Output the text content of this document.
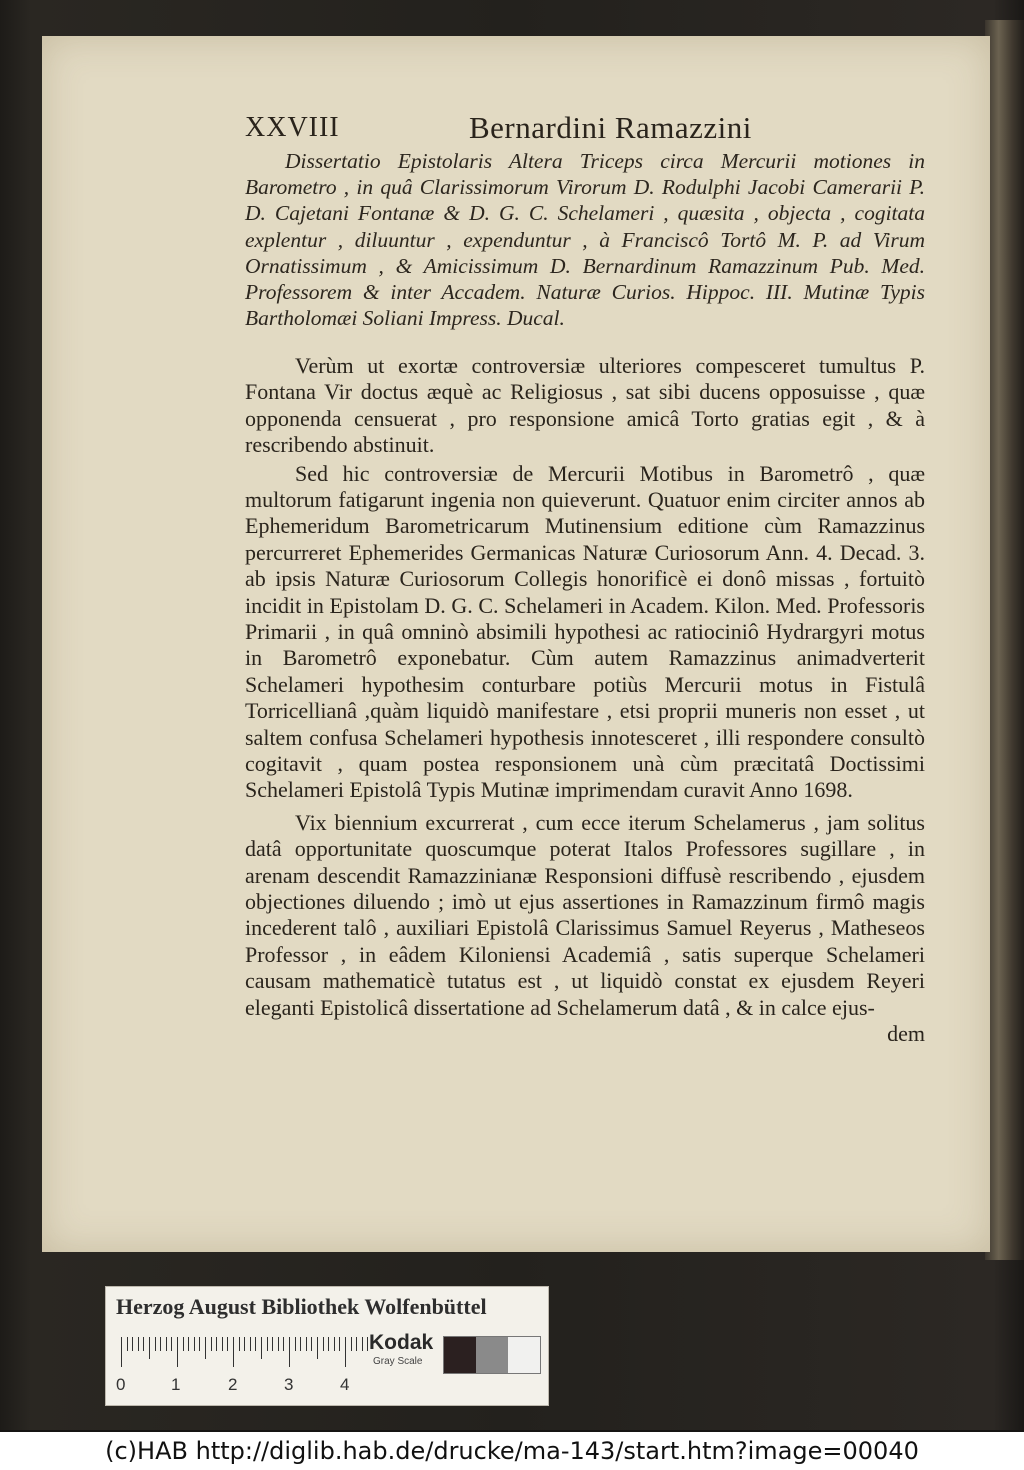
XXVIII	Bernardini Ramazzini

Dissertatio Epistolaris Altera Triceps circa Mercurii motiones in Barometro , in quâ Clarissimorum Virorum D. Rodulphi Jacobi Camerarii P. D. Cajetani Fontanæ & D. G. C. Schelameri , quæsita , objecta , cogitata explentur , diluuntur , expenduntur , à Franciscô Tortô M. P. ad Virum Ornatissimum , & Amicissimum D. Bernardinum Ramazzinum Pub. Med. Professorem & inter Accadem. Naturæ Curios. Hippoc. III. Mutinæ Typis Bartholomæi Soliani Impress. Ducal.

Verùm ut exortæ controversiæ ulteriores compesceret tumultus P. Fontana Vir doctus æquè ac Religiosus , sat sibi ducens opposuisse , quæ opponenda censuerat , pro responsione amicâ Torto gratias egit , & à rescribendo abstinuit.

Sed hic controversiæ de Mercurii Motibus in Barometrô , quæ multorum fatigarunt ingenia non quieverunt. Quatuor enim circiter annos ab Ephemeridum Barometricarum Mutinensium editione cùm Ramazzinus percurreret Ephemerides Germanicas Naturæ Curiosorum Ann. 4. Decad. 3. ab ipsis Naturæ Curiosorum Collegis honorificè ei donô missas , fortuitò incidit in Epistolam D. G. C. Schelameri in Academ. Kilon. Med. Professoris Primarii , in quâ omninò absimili hypothesi ac ratiociniô Hydrargyri motus in Barometrô exponebatur. Cùm autem Ramazzinus animadverterit Schelameri hypothesim conturbare potiùs Mercurii motus in Fistulâ Torricellianâ ,quàm liquidò manifestare , etsi proprii muneris non esset , ut saltem confusa Schelameri hypothesis innotesceret , illi respondere consultò cogitavit , quam postea responsionem unà cùm præcitatâ Doctissimi Schelameri Epistolâ Typis Mutinæ imprimendam curavit Anno 1698.

Vix biennium excurrerat , cum ecce iterum Schelamerus , jam solitus datâ opportunitate quoscumque poterat Italos Professores sugillare , in arenam descendit Ramazzinianæ Responsioni diffusè rescribendo , ejusdem objectiones diluendo ; imò ut ejus assertiones in Ramazzinum firmô magis incederent talô , auxiliari Epistolâ Clarissimus Samuel Reyerus , Matheseos Professor , in eâdem Kiloniensi Academiâ , satis superque Schelameri causam mathematicè tutatus est , ut liquidò constat ex ejusdem Reyeri eleganti Epistolicâ dissertatione ad Schelamerum datâ , & in calce ejus-

dem
Herzog August Bibliothek Wolfenbüttel
0	1	2	3	4
Kodak
Gray Scale
(c)HAB http://diglib.hab.de/drucke/ma-143/start.htm?image=00040
